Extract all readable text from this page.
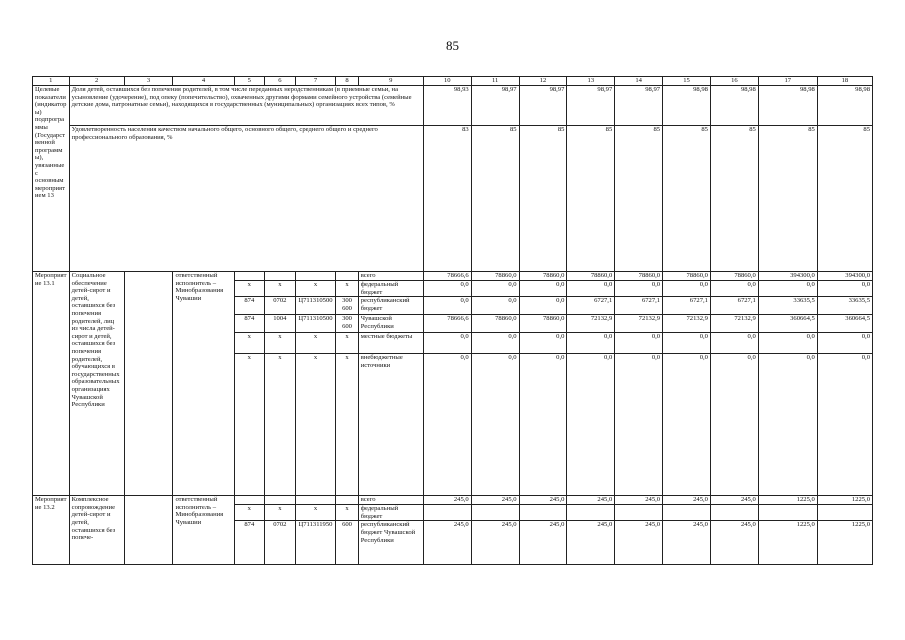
85
1	2	3	4	5	6	7	8	9	10	11	12	13	14	15	16	17	18
Целевые показатели (индикаторы) подпрограммы (Государственной программы), увязанные с основным мероприятием 13	Доля детей, оставшихся без попечения родителей, в том числе переданных неродственникам (в приемные семьи, на усыновление (удочерение), под опеку (попечительство), охваченных другими формами семейного устройства (семейные детские дома, патронатные семьи), находящихся в государственных (муниципальных) организациях всех типов, %								98,93	98,97	98,97	98,97	98,97	98,98	98,98	98,98	98,98
	Удовлетворенность населения качеством начального общего, основного общего, среднего общего и среднего профессионального образования, %								83	85	85	85	85	85	85	85	85
Мероприятие 13.1	Социальное обеспечение детей-сирот и детей, оставшихся без попечения родителей, лиц из числа детей-сирот и детей, оставшихся без попечения родителей, обучающихся в государственных образовательных организациях Чувашской Республики		ответственный исполнитель – Минобразования Чувашии					всего	78666,6	78860,0	78860,0	78860,0	78860,0	78860,0	78860,0	394300,0	394300,0
				x	x	x	x	федеральный бюджет	0,0	0,0	0,0	0,0	0,0	0,0	0,0	0,0	0,0
				874	0702	Ц711310500	300 600	республиканский бюджет	0,0	0,0	0,0	6727,1	6727,1	6727,1	6727,1	33635,5	33635,5
				874	1004	Ц711310500	300 600	Чувашской Республики	78666,6	78860,0	78860,0	72132,9	72132,9	72132,9	72132,9	360664,5	360664,5
				x	x	x	x	местные бюджеты	0,0	0,0	0,0	0,0	0,0	0,0	0,0	0,0	0,0
				x	x	x	x	внебюджетные источники	0,0	0,0	0,0	0,0	0,0	0,0	0,0	0,0	0,0
Мероприятие 13.2	Комплексное сопровождение детей-сирот и детей, оставшихся без попече-		ответственный исполнитель – Минобразования Чувашии					всего	245,0	245,0	245,0	245,0	245,0	245,0	245,0	1225,0	1225,0
				x	x	x	x	федеральный бюджет									
				874	0702	Ц711311950	600	республиканский бюджет Чувашской Республики	245,0	245,0	245,0	245,0	245,0	245,0	245,0	1225,0	1225,0
